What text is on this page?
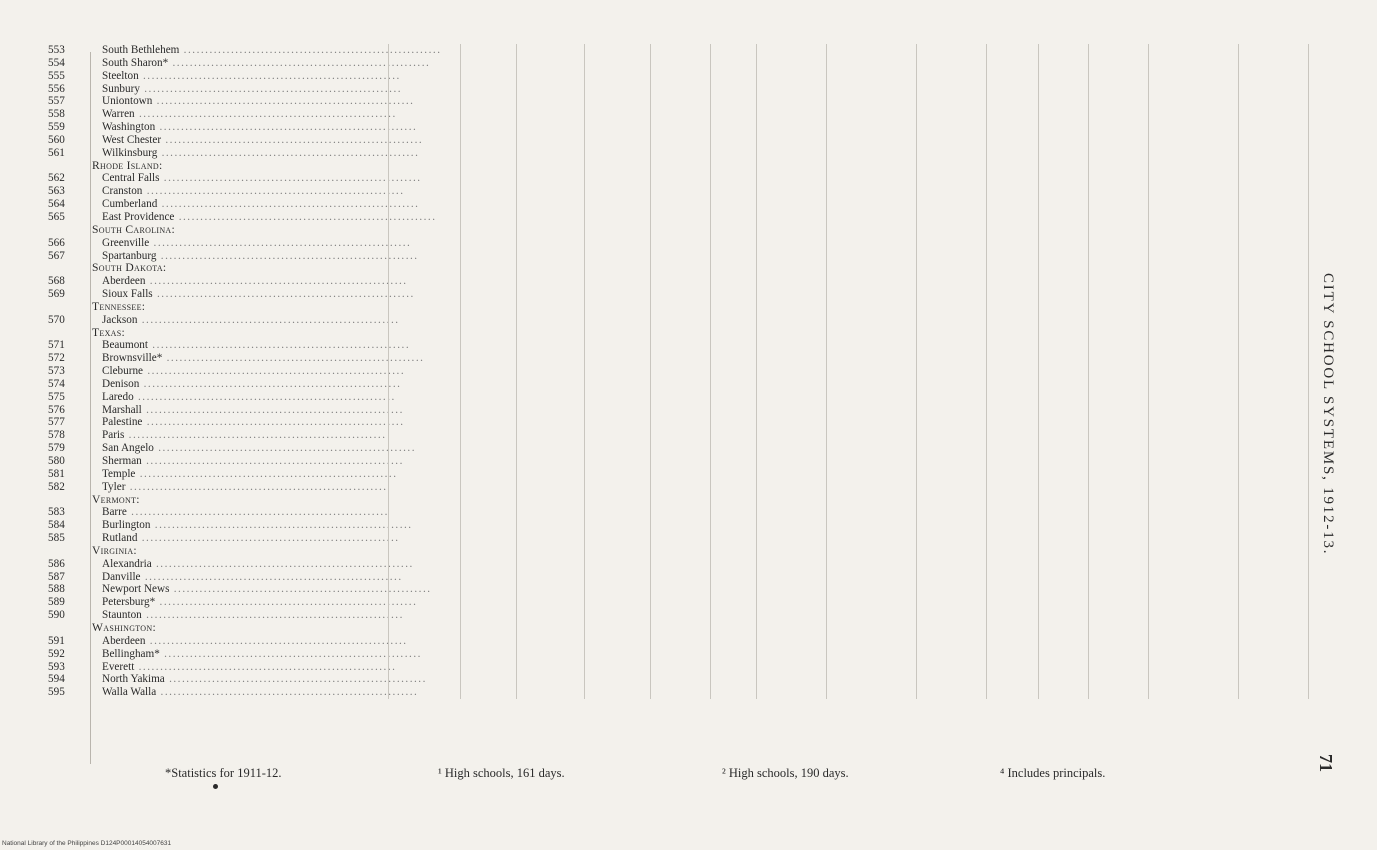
553	South Bethlehem ............................................................
554	South Sharon* ............................................................
555	Steelton ............................................................
556	Sunbury ............................................................
557	Uniontown ............................................................
558	Warren ............................................................
559	Washington ............................................................
560	West Chester ............................................................
561	Wilkinsburg ............................................................
Rhode Island:
562	Central Falls ............................................................
563	Cranston ............................................................
564	Cumberland ............................................................
565	East Providence ............................................................
South Carolina:
566	Greenville ............................................................
567	Spartanburg ............................................................
South Dakota:
568	Aberdeen ............................................................
569	Sioux Falls ............................................................
Tennessee:
570	Jackson ............................................................
Texas:
571	Beaumont ............................................................
572	Brownsville* ............................................................
573	Cleburne ............................................................
574	Denison ............................................................
575	Laredo ............................................................
576	Marshall ............................................................
577	Palestine ............................................................
578	Paris ............................................................
579	San Angelo ............................................................
580	Sherman ............................................................
581	Temple ............................................................
582	Tyler ............................................................
Vermont:
583	Barre ............................................................
584	Burlington ............................................................
585	Rutland ............................................................
Virginia:
586	Alexandria ............................................................
587	Danville ............................................................
588	Newport News ............................................................
589	Petersburg* ............................................................
590	Staunton ............................................................
Washington:
591	Aberdeen ............................................................
592	Bellingham* ............................................................
593	Everett ............................................................
594	North Yakima ............................................................
595	Walla Walla ............................................................
*Statistics for 1911-12.	¹ High schools, 161 days.	² High schools, 190 days.	⁴ Includes principals.
CITY SCHOOL SYSTEMS, 1912-13.
71
National Library of the Philippines D124P00014054007631
